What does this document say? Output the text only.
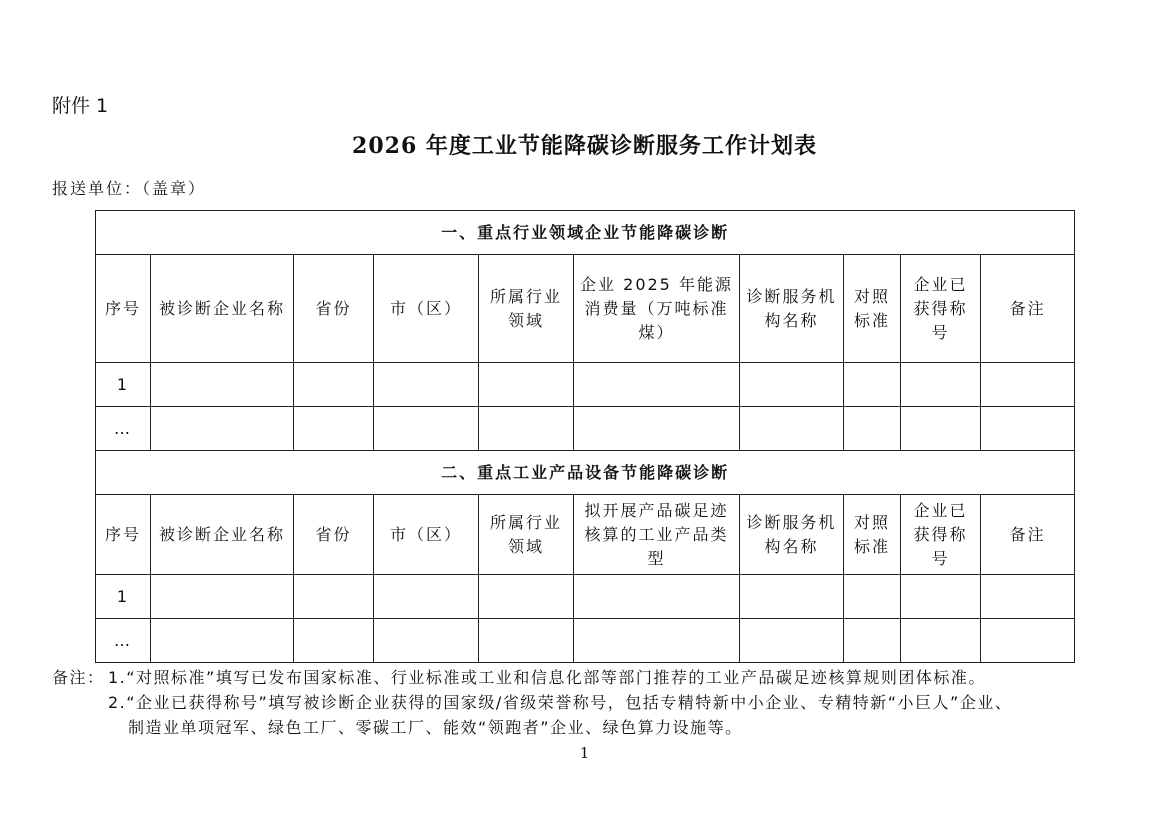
附件 1
2026 年度工业节能降碳诊断服务工作计划表
报送单位：（盖章）
一、重点行业领域企业节能降碳诊断									
序号	被诊断企业名称	省份	市（区）	所属行业领域	企业 2025 年能源消费量（万吨标准煤）	诊断服务机构名称	对照标准	企业已获得称号	备注
1									
…									
二、重点工业产品设备节能降碳诊断									
序号	被诊断企业名称	省份	市（区）	所属行业领域	拟开展产品碳足迹核算的工业产品类型	诊断服务机构名称	对照标准	企业已获得称号	备注
1									
…									
备注： 1.“对照标准”填写已发布国家标准、行业标准或工业和信息化部等部门推荐的工业产品碳足迹核算规则团体标准。
2.“企业已获得称号”填写被诊断企业获得的国家级/省级荣誉称号，包括专精特新中小企业、专精特新“小巨人”企业、
制造业单项冠军、绿色工厂、零碳工厂、能效“领跑者”企业、绿色算力设施等。
1
